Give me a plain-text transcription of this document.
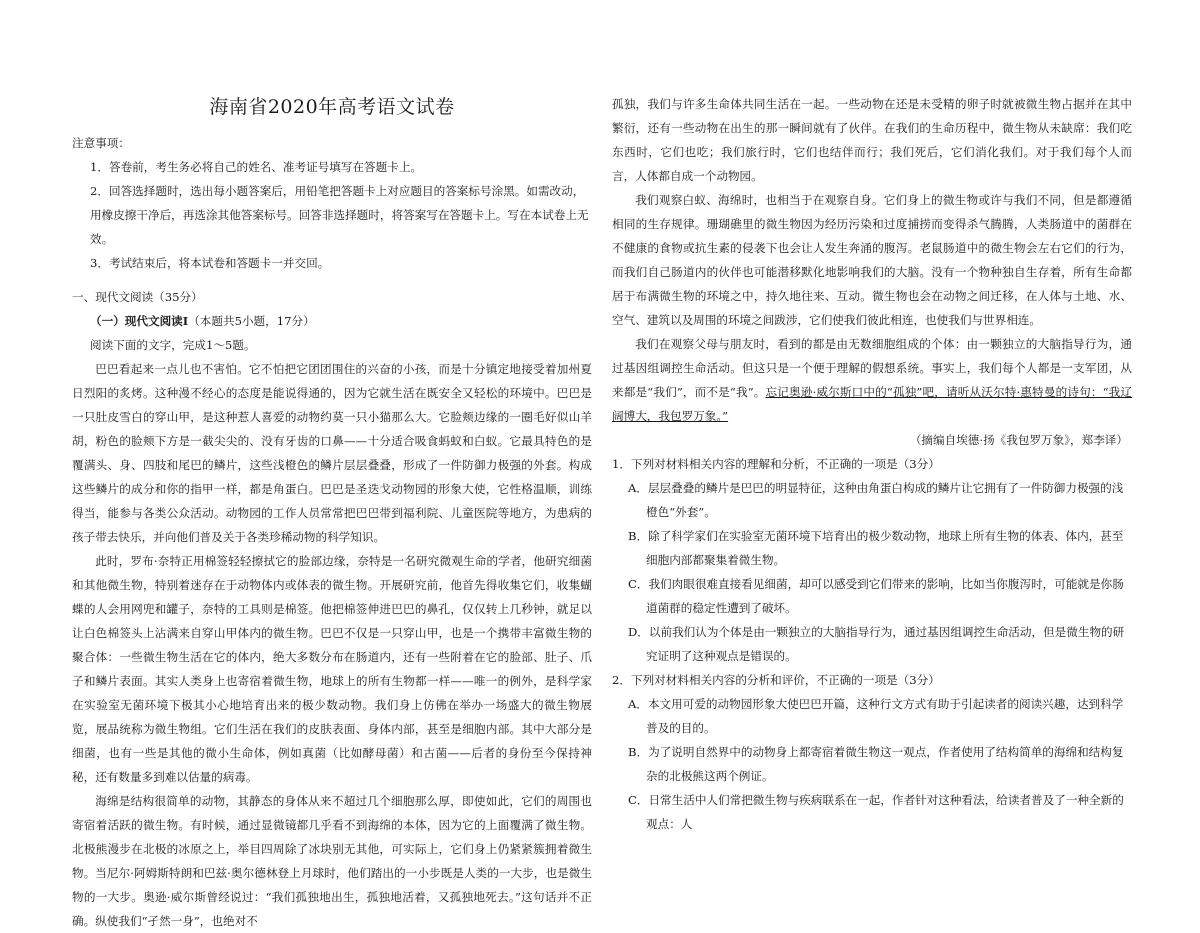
海南省2020年高考语文试卷

注意事项：

1．答卷前，考生务必将自己的姓名、准考证号填写在答题卡上。

2．回答选择题时，选出每小题答案后，用铅笔把答题卡上对应题目的答案标号涂黑。如需改动，用橡皮擦干净后，再选涂其他答案标号。回答非选择题时，将答案写在答题卡上。写在本试卷上无效。

3．考试结束后，将本试卷和答题卡一并交回。

一、现代文阅读（35分）

（一）现代文阅读Ⅰ（本题共5小题，17分）

阅读下面的文字，完成1～5题。

巴巴看起来一点儿也不害怕。它不怕把它团团围住的兴奋的小孩，而是十分镇定地接受着加州夏日烈阳的炙烤。这种漫不经心的态度是能说得通的，因为它就生活在既安全又轻松的环境中。巴巴是一只肚皮雪白的穿山甲，是这种惹人喜爱的动物约莫一只小猫那么大。它脸颊边缘的一圈毛好似山羊胡，粉色的脸颊下方是一截尖尖的、没有牙齿的口鼻——十分适合吸食蚂蚁和白蚁。它最具特色的是覆满头、身、四肢和尾巴的鳞片，这些浅橙色的鳞片层层叠叠，形成了一件防御力极强的外套。构成这些鳞片的成分和你的指甲一样，都是角蛋白。巴巴是圣迭戈动物园的形象大使，它性格温顺，训练得当，能参与各类公众活动。动物园的工作人员常常把巴巴带到福利院、儿童医院等地方，为患病的孩子带去快乐，并向他们普及关于各类珍稀动物的科学知识。

此时，罗布·奈特正用棉签轻轻擦拭它的脸部边缘，奈特是一名研究微观生命的学者，他研究细菌和其他微生物，特别着迷存在于动物体内或体表的微生物。开展研究前，他首先得收集它们，收集蝴蝶的人会用网兜和罐子，奈特的工具则是棉签。他把棉签伸进巴巴的鼻孔，仅仅转上几秒钟，就足以让白色棉签头上沾满来自穿山甲体内的微生物。巴巴不仅是一只穿山甲，也是一个携带丰富微生物的聚合体：一些微生物生活在它的体内，绝大多数分布在肠道内，还有一些附着在它的脸部、肚子、爪子和鳞片表面。其实人类身上也寄宿着微生物，地球上的所有生物都一样——唯一的例外，是科学家在实验室无菌环境下极其小心地培育出来的极少数动物。我们身上仿佛在举办一场盛大的微生物展览，展品统称为微生物组。它们生活在我们的皮肤表面、身体内部，甚至是细胞内部。其中大部分是细菌，也有一些是其他的微小生命体，例如真菌（比如酵母菌）和古菌——后者的身份至今保持神秘，还有数量多到难以估量的病毒。

海绵是结构很简单的动物，其静态的身体从来不超过几个细胞那么厚，即使如此，它们的周围也寄宿着活跃的微生物。有时候，通过显微镜都几乎看不到海绵的本体，因为它的上面覆满了微生物。北极熊漫步在北极的冰原之上，举目四周除了冰块别无其他，可实际上，它们身上仍紧紧簇拥着微生物。当尼尔·阿姆斯特朗和巴兹·奥尔德林登上月球时，他们踏出的一小步既是人类的一大步，也是微生物的一大步。奥逊·威尔斯曾经说过：“我们孤独地出生，孤独地活着，又孤独地死去。”这句话并不正确。纵使我们“孑然一身”，也绝对不

孤独，我们与许多生命体共同生活在一起。一些动物在还是未受精的卵子时就被微生物占据并在其中繁衍，还有一些动物在出生的那一瞬间就有了伙伴。在我们的生命历程中，微生物从未缺席：我们吃东西时，它们也吃；我们旅行时，它们也结伴而行；我们死后，它们消化我们。对于我们每个人而言，人体都自成一个动物园。

我们观察白蚁、海绵时，也相当于在观察自身。它们身上的微生物或许与我们不同，但是都遵循相同的生存规律。珊瑚礁里的微生物因为经历污染和过度捕捞而变得杀气腾腾，人类肠道中的菌群在不健康的食物或抗生素的侵袭下也会让人发生奔涌的腹泻。老鼠肠道中的微生物会左右它们的行为，而我们自己肠道内的伙伴也可能潜移默化地影响我们的大脑。没有一个物种独自生存着，所有生命都居于布满微生物的环境之中，持久地往来、互动。微生物也会在动物之间迁移，在人体与土地、水、空气、建筑以及周围的环境之间跋涉，它们使我们彼此相连，也使我们与世界相连。

我们在观察父母与朋友时，看到的都是由无数细胞组成的个体：由一颗独立的大脑指导行为，通过基因组调控生命活动。但这只是一个便于理解的假想系统。事实上，我们每个人都是一支军团，从来都是“我们”，而不是“我”。忘记奥逊·威尔斯口中的“孤独”吧，请听从沃尔特·惠特曼的诗句：“我辽阔博大，我包罗万象。”

（摘编自埃德·扬《我包罗万象》，郑李译）

1．下列对材料相关内容的理解和分析，不正确的一项是（3分）

A．层层叠叠的鳞片是巴巴的明显特征，这种由角蛋白构成的鳞片让它拥有了一件防御力极强的浅橙色“外套”。

B．除了科学家们在实验室无菌环境下培育出的极少数动物，地球上所有生物的体表、体内，甚至细胞内部都聚集着微生物。

C．我们肉眼很难直接看见细菌，却可以感受到它们带来的影响，比如当你腹泻时，可能就是你肠道菌群的稳定性遭到了破坏。

D．以前我们认为个体是由一颗独立的大脑指导行为，通过基因组调控生命活动，但是微生物的研究证明了这种观点是错误的。

2．下列对材料相关内容的分析和评价，不正确的一项是（3分）

A．本文用可爱的动物园形象大使巴巴开篇，这种行文方式有助于引起读者的阅读兴趣，达到科学普及的目的。

B．为了说明自然界中的动物身上都寄宿着微生物这一观点，作者使用了结构简单的海绵和结构复杂的北极熊这两个例证。

C．日常生活中人们常把微生物与疾病联系在一起，作者针对这种看法，给读者普及了一种全新的观点：人
